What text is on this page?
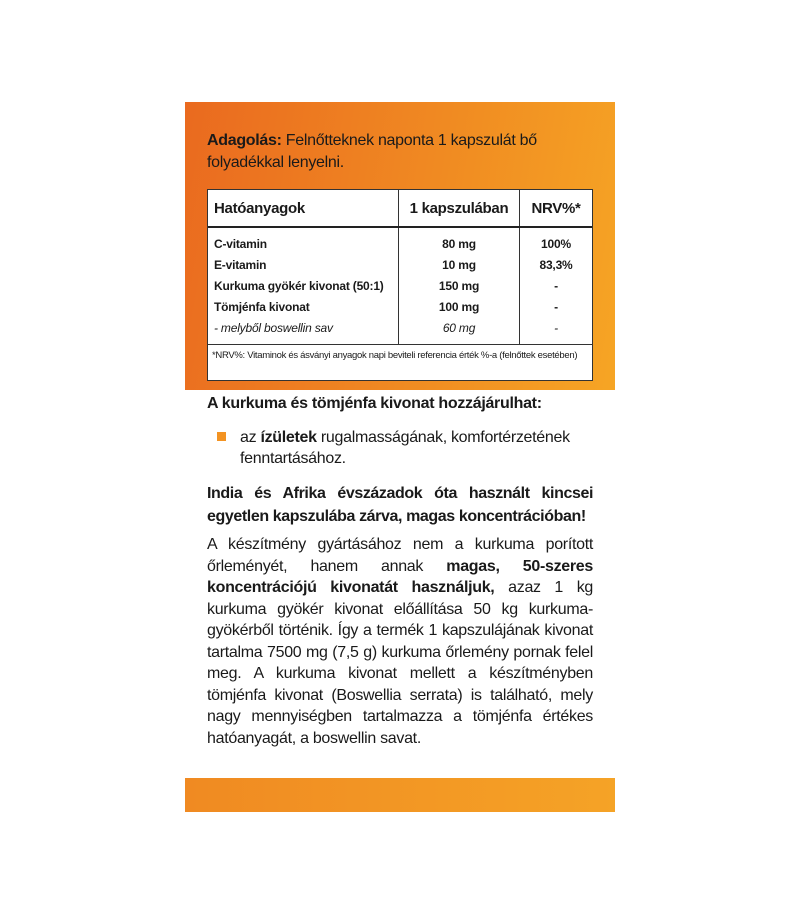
Adagolás: Felnőtteknek naponta 1 kapszulát bő folyadékkal lenyelni.
Hatóanyagok	1 kapszulában	NRV%*
C-vitamin	80 mg	100%
E-vitamin	10 mg	83,3%
Kurkuma gyökér kivonat (50:1)	150 mg	-
Tömjénfa kivonat	100 mg	-
- melyből boswellin sav	60 mg	-
*NRV%: Vitaminok és ásványi anyagok napi beviteli referencia érték %-a (felnőttek esetében)
A kurkuma és tömjénfa kivonat hozzájárulhat:
az ízületek rugalmasságának, komfortérzetének fenntartásához.
India és Afrika évszázadok óta használt kincsei egyetlen kapszulába zárva, magas koncentrációban!
A készítmény gyártásához nem a kurkuma porított őrleményét, hanem annak magas, 50-szeres koncentrációjú kivonatát használjuk, azaz 1 kg kurkuma gyökér kivonat előállítása 50 kg kurkuma-gyökérből történik. Így a termék 1 kapszulájának kivonat tartalma 7500 mg (7,5 g) kurkuma őrlemény pornak felel meg. A kurkuma kivonat mellett a készítményben tömjénfa kivonat (Boswellia serrata) is található, mely nagy mennyiségben tartalmazza a tömjénfa értékes hatóanyagát, a boswellin savat.
